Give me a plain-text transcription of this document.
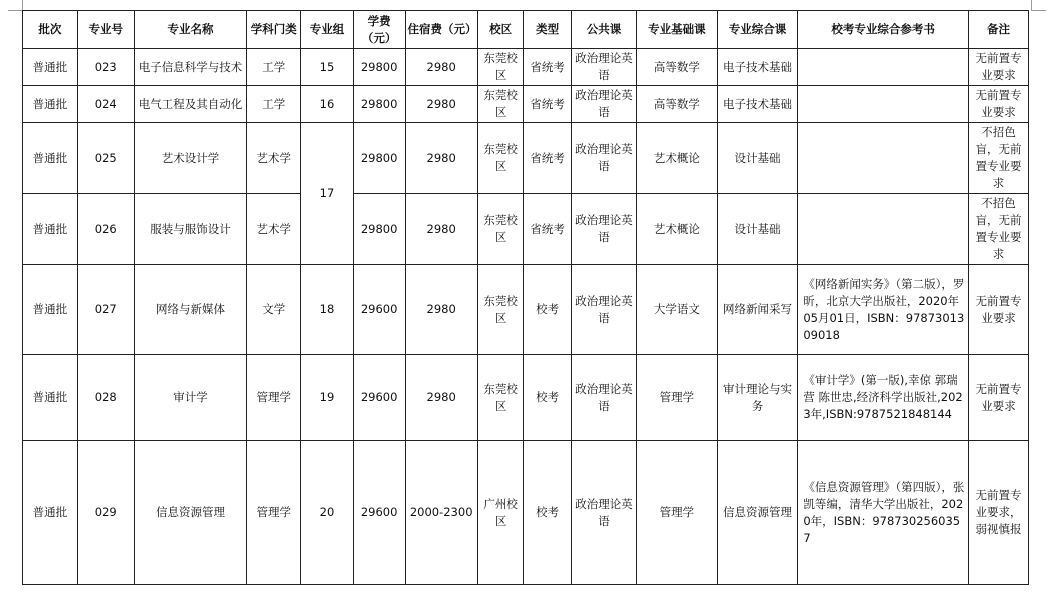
批次	专业号	专业名称	学科门类	专业组	学费（元）	住宿费（元）	校区	类型	公共课	专业基础课	专业综合课	校考专业综合参考书	备注
普通批	023	电子信息科学与技术	工学	15	29800	2980	东莞校区	省统考	政治理论英语	高等数学	电子技术基础		无前置专业要求
普通批	024	电气工程及其自动化	工学	16	29800	2980	东莞校区	省统考	政治理论英语	高等数学	电子技术基础		无前置专业要求
普通批	025	艺术设计学	艺术学	17	29800	2980	东莞校区	省统考	政治理论英语	艺术概论	设计基础		不招色盲，无前置专业要求
普通批	026	服装与服饰设计	艺术学		29800	2980	东莞校区	省统考	政治理论英语	艺术概论	设计基础		不招色盲，无前置专业要求
普通批	027	网络与新媒体	文学	18	29600	2980	东莞校区	校考	政治理论英语	大学语文	网络新闻采写	《网络新闻实务》（第二版），罗昕，北京大学出版社，2020年05月01日，ISBN：9787301309018	无前置专业要求
普通批	028	审计学	管理学	19	29600	2980	东莞校区	校考	政治理论英语	管理学	审计理论与实务	《审计学》(第一版),幸倞 郭瑞营 陈世忠,经济科学出版社,2023年,ISBN:9787521848144	无前置专业要求
普通批	029	信息资源管理	管理学	20	29600	2000-2300	广州校区	校考	政治理论英语	管理学	信息资源管理	《信息资源管理》（第四版），张凯等编，清华大学出版社，2020年，ISBN：9787302560357	无前置专业要求，弱视慎报
